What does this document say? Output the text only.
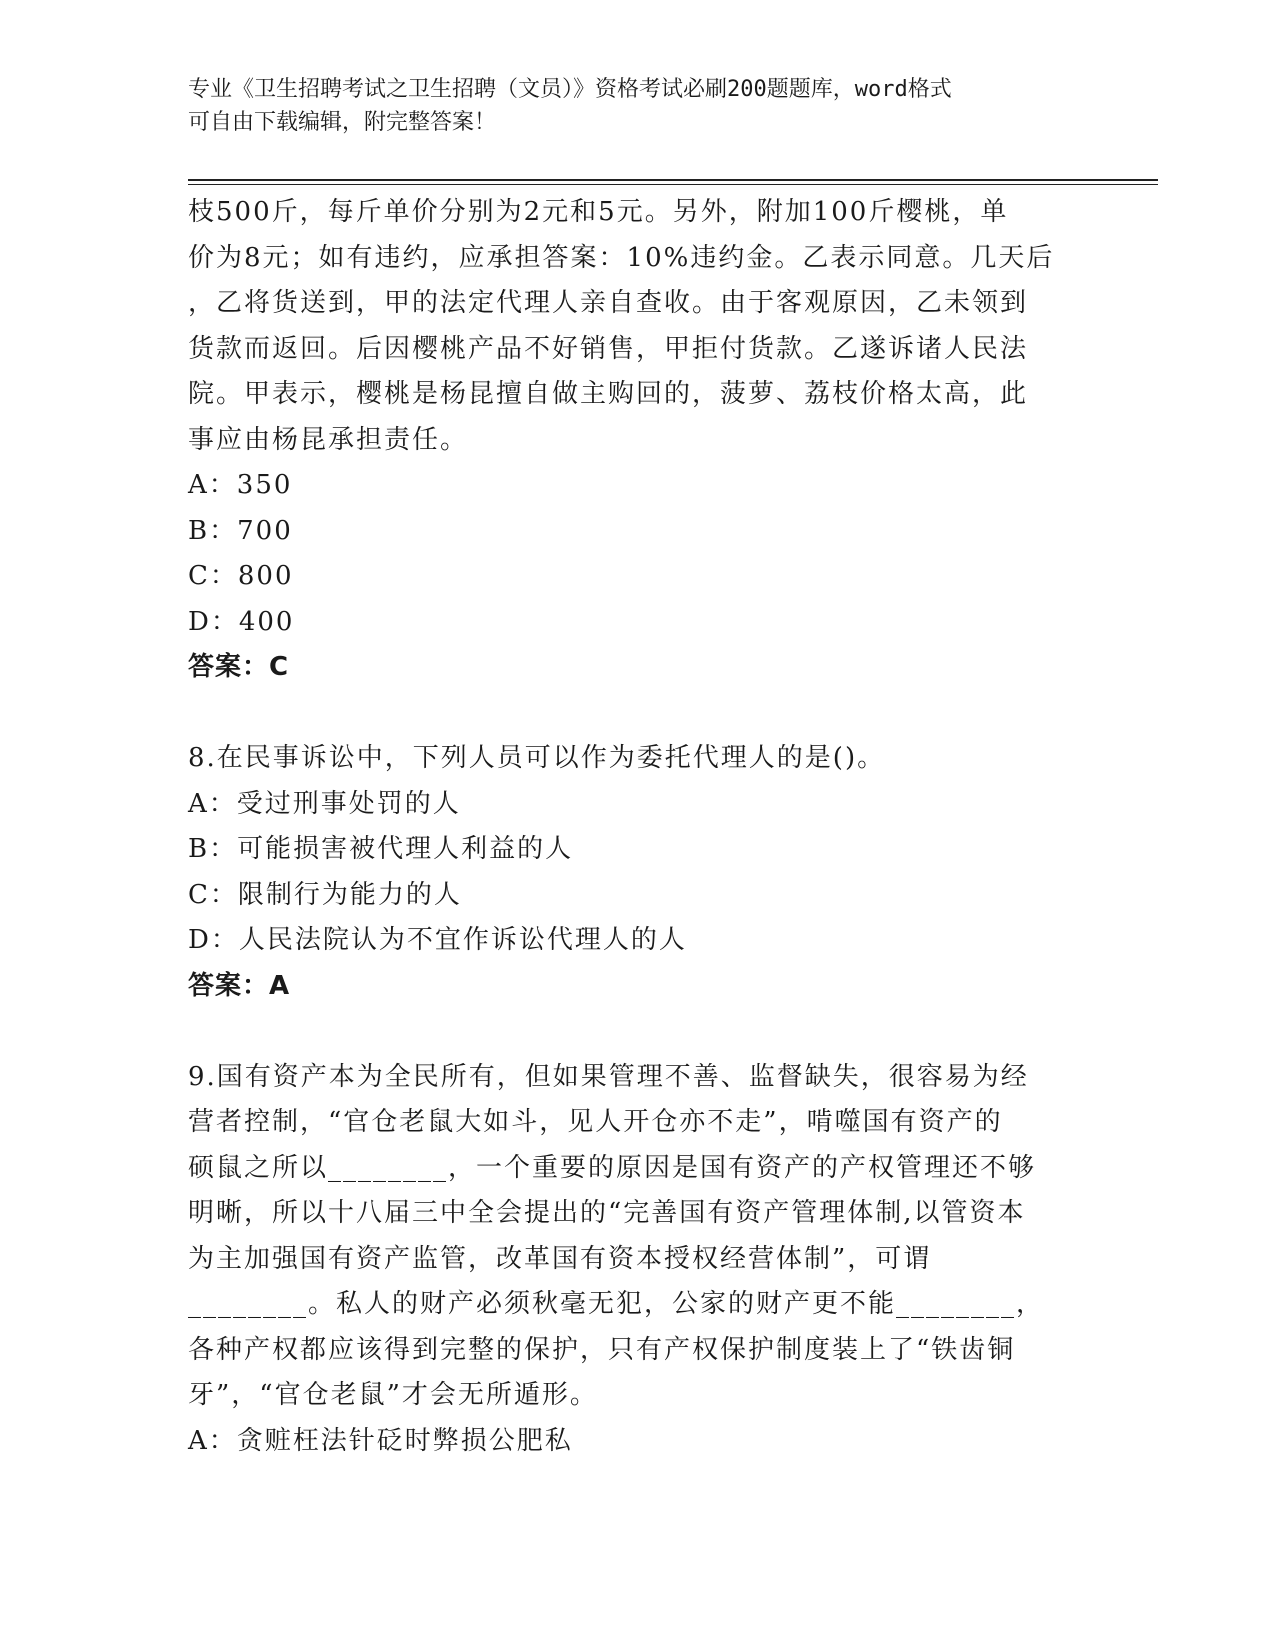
专业《卫生招聘考试之卫生招聘（文员）》资格考试必刷200题题库，word格式
可自由下载编辑，附完整答案！
枝500斤，每斤单价分别为2元和5元。另外，附加100斤樱桃，单
价为8元；如有违约，应承担答案：10%违约金。乙表示同意。几天后
，乙将货送到，甲的法定代理人亲自查收。由于客观原因，乙未领到
货款而返回。后因樱桃产品不好销售，甲拒付货款。乙遂诉诸人民法
院。甲表示，樱桃是杨昆擅自做主购回的，菠萝、荔枝价格太高，此
事应由杨昆承担责任。
A：350
B：700
C：800
D：400
答案：C
8.在民事诉讼中，下列人员可以作为委托代理人的是()。
A：受过刑事处罚的人
B：可能损害被代理人利益的人
C：限制行为能力的人
D：人民法院认为不宜作诉讼代理人的人
答案：A
9.国有资产本为全民所有，但如果管理不善、监督缺失，很容易为经
营者控制，“官仓老鼠大如斗，见人开仓亦不走”，啃噬国有资产的
硕鼠之所以________，一个重要的原因是国有资产的产权管理还不够
明晰，所以十八届三中全会提出的“完善国有资产管理体制,以管资本
为主加强国有资产监管，改革国有资本授权经营体制”，可谓
________。私人的财产必须秋毫无犯，公家的财产更不能________，
各种产权都应该得到完整的保护，只有产权保护制度装上了“铁齿铜
牙”，“官仓老鼠”才会无所遁形。
A：贪赃枉法针砭时弊损公肥私
